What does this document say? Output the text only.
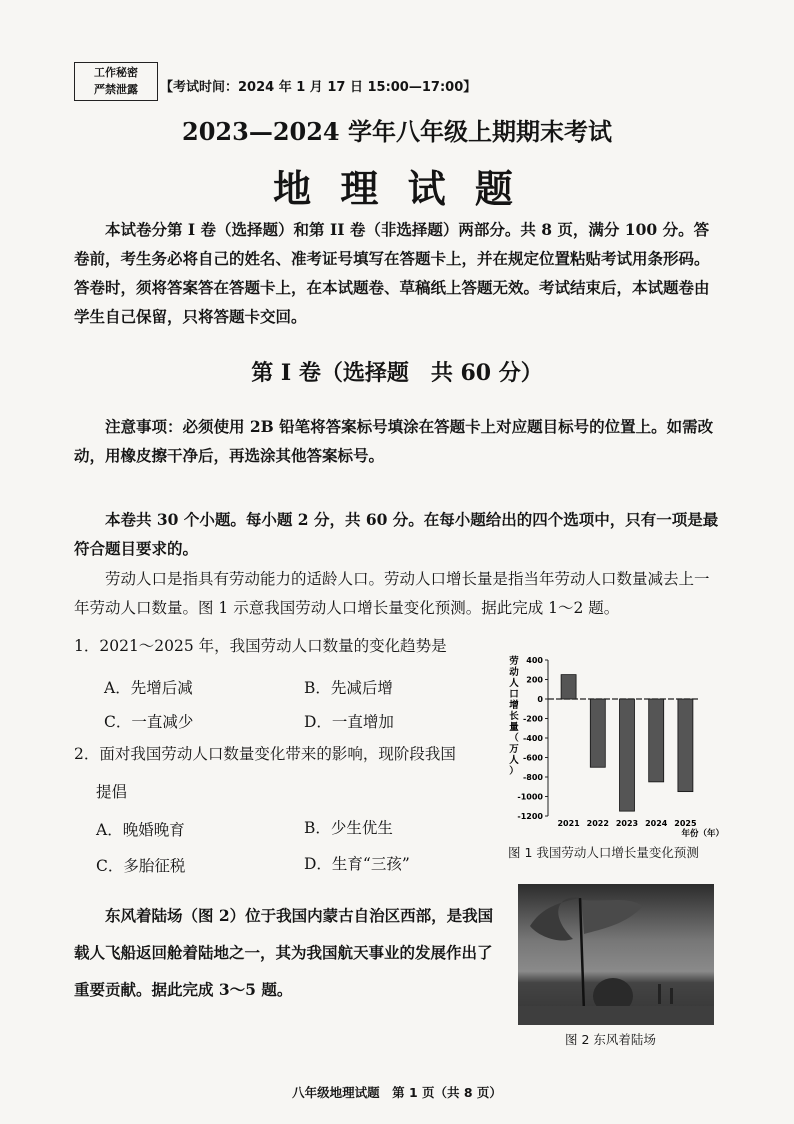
工作秘密
严禁泄露	【考试时间：2024 年 1 月 17 日 15:00—17:00】
2023—2024 学年八年级上期期末考试
地 理 试 题
本试卷分第 I 卷（选择题）和第 II 卷（非选择题）两部分。共 8 页，满分 100 分。答卷前，考生务必将自己的姓名、准考证号填写在答题卡上，并在规定位置粘贴考试用条形码。答卷时，须将答案答在答题卡上，在本试题卷、草稿纸上答题无效。考试结束后，本试题卷由学生自己保留，只将答题卡交回。
第 I 卷（选择题　共 60 分）
注意事项：必须使用 2B 铅笔将答案标号填涂在答题卡上对应题目标号的位置上。如需改动，用橡皮擦干净后，再选涂其他答案标号。
本卷共 30 个小题。每小题 2 分，共 60 分。在每小题给出的四个选项中，只有一项是最符合题目要求的。
劳动人口是指具有劳动能力的适龄人口。劳动人口增长量是指当年劳动人口数量减去上一年劳动人口数量。图 1 示意我国劳动人口增长量变化预测。据此完成 1～2 题。
1．2021～2025 年，我国劳动人口数量的变化趋势是
A．先增后减	B．先减后增
C．一直减少	D．一直增加
2．面对我国劳动人口数量变化带来的影响，现阶段我国
提倡
A．晚婚晚育	B．少生优生
C．多胎征税	D．生育“三孩”
东风着陆场（图 2）位于我国内蒙古自治区西部，是我国载人飞船返回舱着陆地之一，其为我国航天事业的发展作出了重要贡献。据此完成 3～5 题。
400
200
0
-200
-400
-600
-800
-1000
-1200
2021 2022 2023 2024 2025
劳
动
人
口
增
长
量
（
万
人
）
年份（年）
图 1 我国劳动人口增长量变化预测
图 2 东风着陆场
八年级地理试题　第 1 页（共 8 页）
